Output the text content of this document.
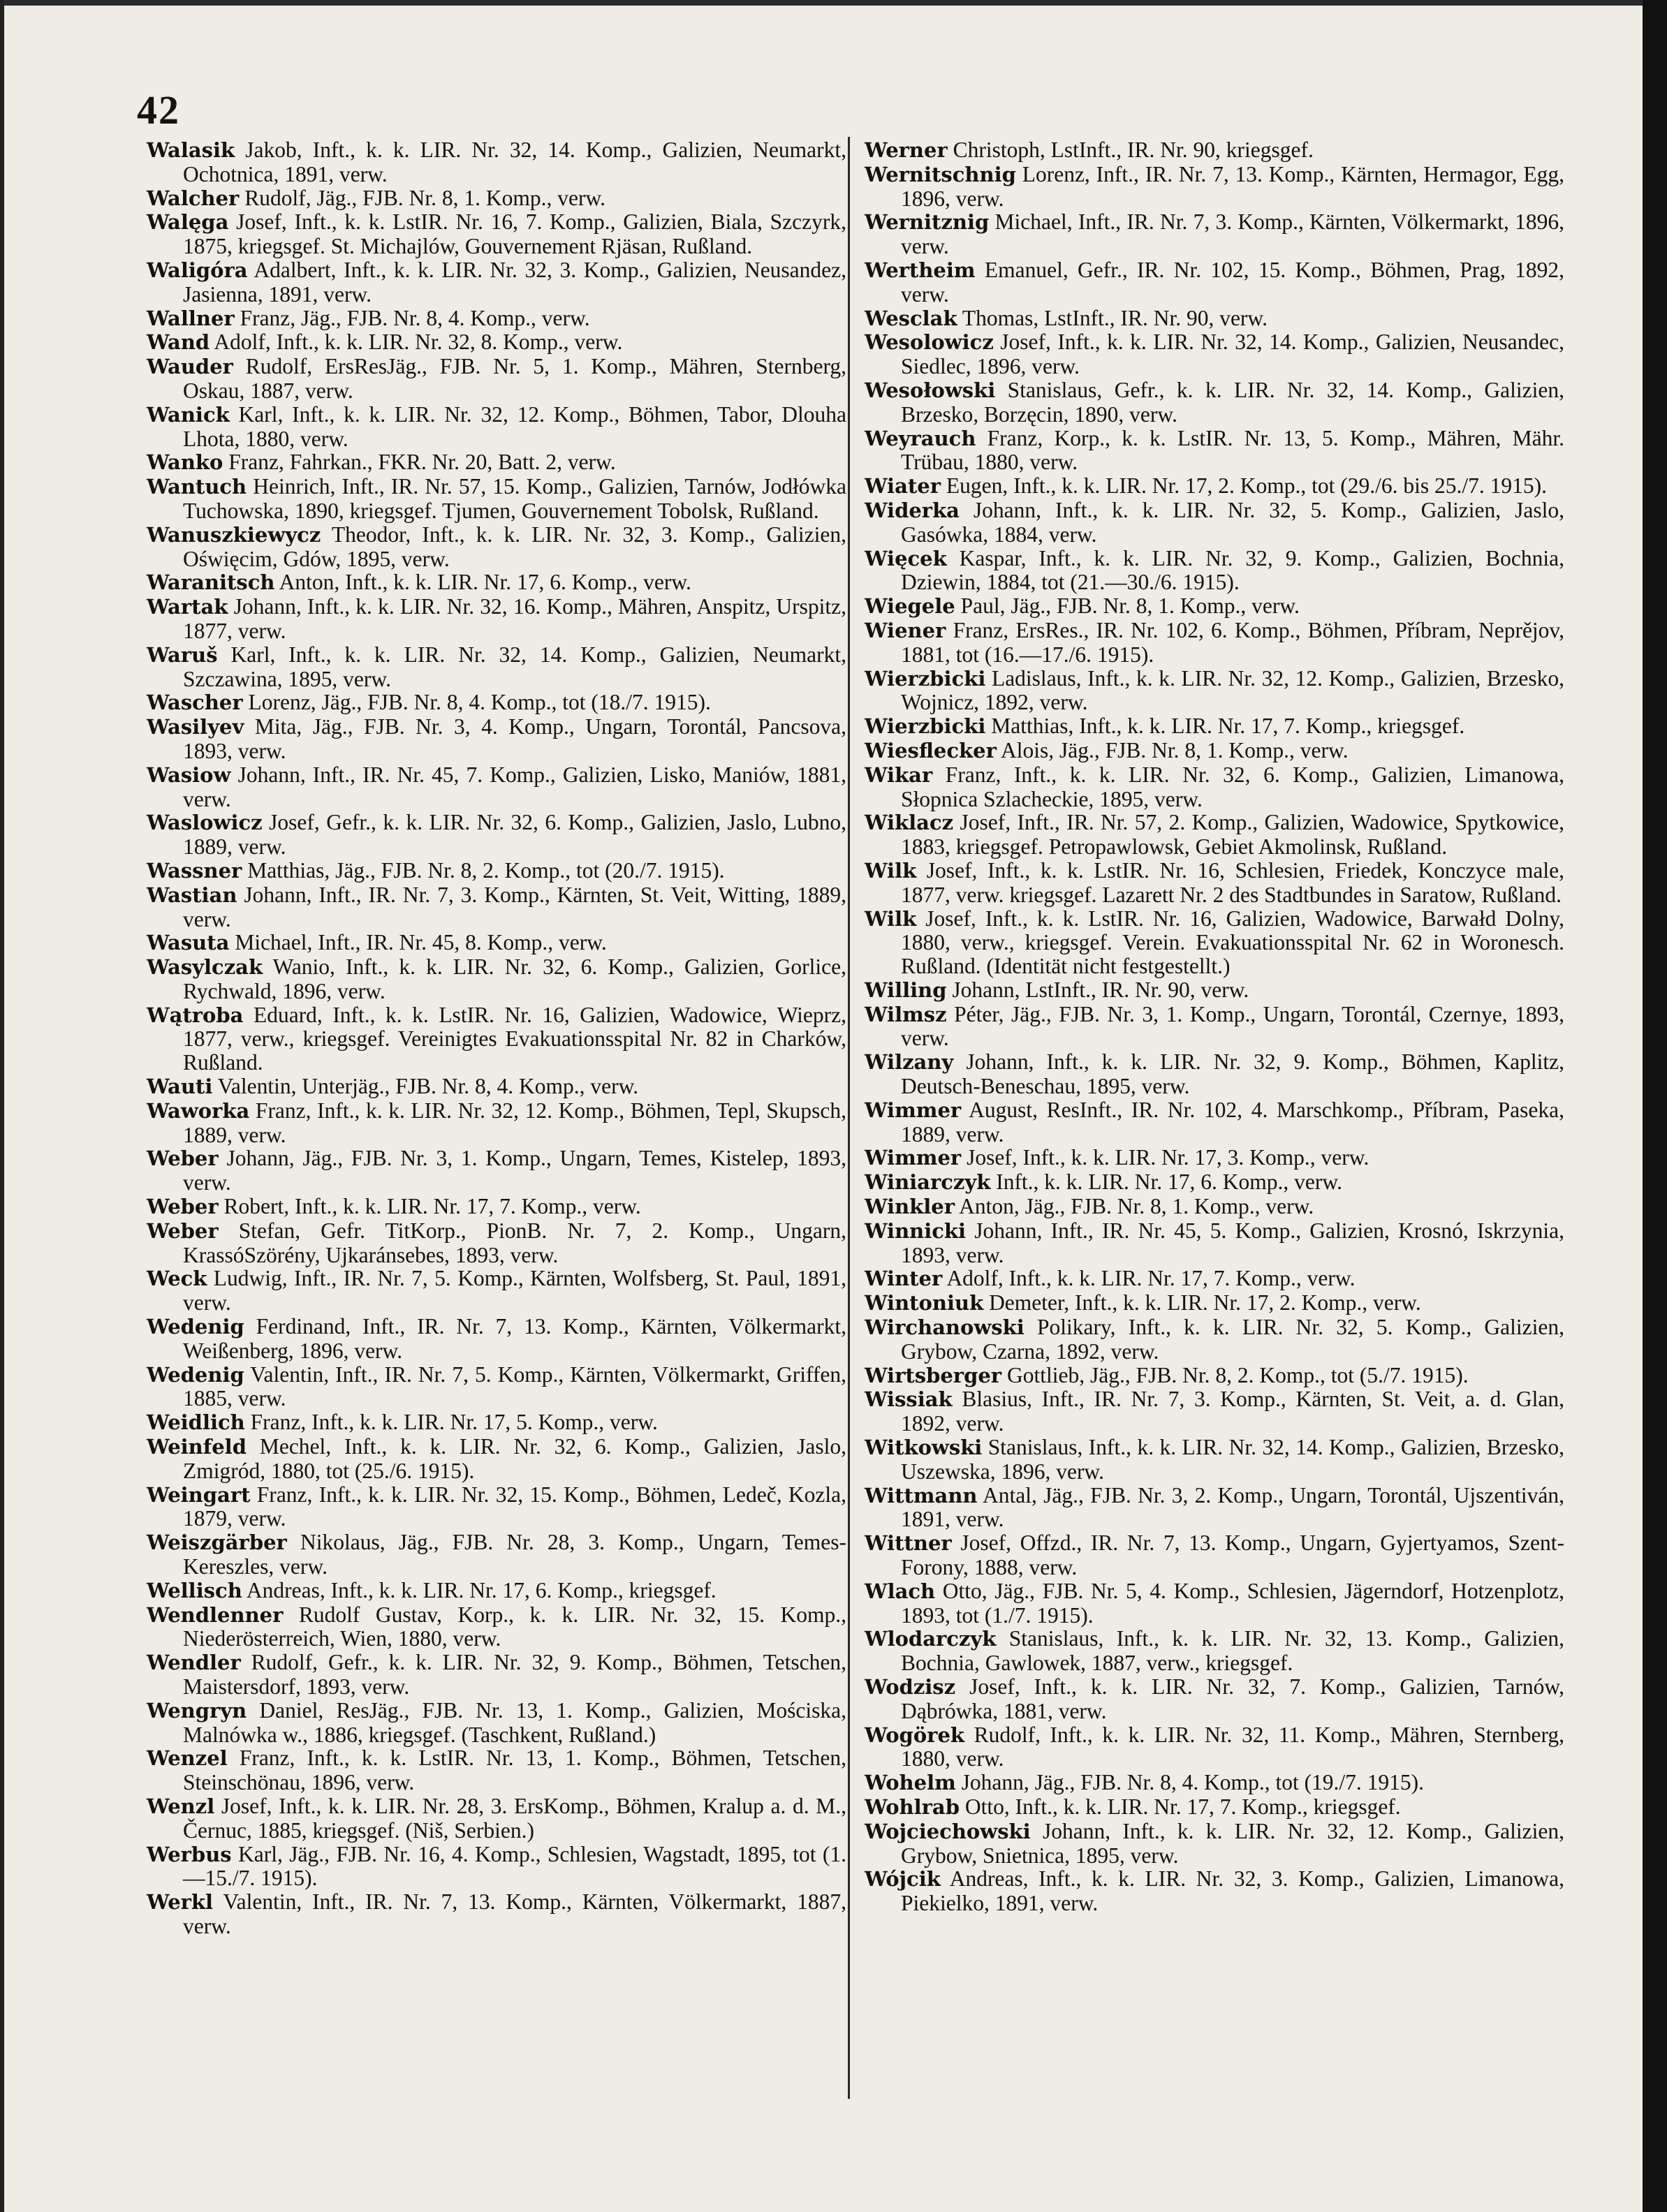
42

Walasik Jakob, Inft., k. k. LIR. Nr. 32, 14. Komp., Galizien, Neumarkt, Ochotnica, 1891, verw.

Walcher Rudolf, Jäg., FJB. Nr. 8, 1. Komp., verw.

Walęga Josef, Inft., k. k. LstIR. Nr. 16, 7. Komp., Galizien, Biala, Szczyrk, 1875, kriegsgef. St. Michajlów, Gouvernement Rjäsan, Rußland.

Waligóra Adalbert, Inft., k. k. LIR. Nr. 32, 3. Komp., Galizien, Neusandez, Jasienna, 1891, verw.

Wallner Franz, Jäg., FJB. Nr. 8, 4. Komp., verw.

Wand Adolf, Inft., k. k. LIR. Nr. 32, 8. Komp., verw.

Wauder Rudolf, ErsResJäg., FJB. Nr. 5, 1. Komp., Mähren, Sternberg, Oskau, 1887, verw.

Wanick Karl, Inft., k. k. LIR. Nr. 32, 12. Komp., Böhmen, Tabor, Dlouha Lhota, 1880, verw.

Wanko Franz, Fahrkan., FKR. Nr. 20, Batt. 2, verw.

Wantuch Heinrich, Inft., IR. Nr. 57, 15. Komp., Galizien, Tarnów, Jodłówka Tuchowska, 1890, kriegsgef. Tjumen, Gouvernement Tobolsk, Rußland.

Wanuszkiewycz Theodor, Inft., k. k. LIR. Nr. 32, 3. Komp., Galizien, Oświęcim, Gdów, 1895, verw.

Waranitsch Anton, Inft., k. k. LIR. Nr. 17, 6. Komp., verw.

Wartak Johann, Inft., k. k. LIR. Nr. 32, 16. Komp., Mähren, Anspitz, Urspitz, 1877, verw.

Waruš Karl, Inft., k. k. LIR. Nr. 32, 14. Komp., Galizien, Neumarkt, Szczawina, 1895, verw.

Wascher Lorenz, Jäg., FJB. Nr. 8, 4. Komp., tot (18./7. 1915).

Wasilyev Mita, Jäg., FJB. Nr. 3, 4. Komp., Ungarn, Torontál, Pancsova, 1893, verw.

Wasiow Johann, Inft., IR. Nr. 45, 7. Komp., Galizien, Lisko, Maniów, 1881, verw.

Waslowicz Josef, Gefr., k. k. LIR. Nr. 32, 6. Komp., Galizien, Jaslo, Lubno, 1889, verw.

Wassner Matthias, Jäg., FJB. Nr. 8, 2. Komp., tot (20./7. 1915).

Wastian Johann, Inft., IR. Nr. 7, 3. Komp., Kärnten, St. Veit, Witting, 1889, verw.

Wasuta Michael, Inft., IR. Nr. 45, 8. Komp., verw.

Wasylczak Wanio, Inft., k. k. LIR. Nr. 32, 6. Komp., Galizien, Gorlice, Rychwald, 1896, verw.

Wątroba Eduard, Inft., k. k. LstIR. Nr. 16, Galizien, Wadowice, Wieprz, 1877, verw., kriegsgef. Vereinigtes Evakuationsspital Nr. 82 in Charków, Rußland.

Wauti Valentin, Unterjäg., FJB. Nr. 8, 4. Komp., verw.

Waworka Franz, Inft., k. k. LIR. Nr. 32, 12. Komp., Böhmen, Tepl, Skupsch, 1889, verw.

Weber Johann, Jäg., FJB. Nr. 3, 1. Komp., Ungarn, Temes, Kistelep, 1893, verw.

Weber Robert, Inft., k. k. LIR. Nr. 17, 7. Komp., verw.

Weber Stefan, Gefr. TitKorp., PionB. Nr. 7, 2. Komp., Ungarn, KrassóSzörény, Ujkaránsebes, 1893, verw.

Weck Ludwig, Inft., IR. Nr. 7, 5. Komp., Kärnten, Wolfsberg, St. Paul, 1891, verw.

Wedenig Ferdinand, Inft., IR. Nr. 7, 13. Komp., Kärnten, Völkermarkt, Weißenberg, 1896, verw.

Wedenig Valentin, Inft., IR. Nr. 7, 5. Komp., Kärnten, Völkermarkt, Griffen, 1885, verw.

Weidlich Franz, Inft., k. k. LIR. Nr. 17, 5. Komp., verw.

Weinfeld Mechel, Inft., k. k. LIR. Nr. 32, 6. Komp., Galizien, Jaslo, Zmigród, 1880, tot (25./6. 1915).

Weingart Franz, Inft., k. k. LIR. Nr. 32, 15. Komp., Böhmen, Ledeč, Kozla, 1879, verw.

Weiszgärber Nikolaus, Jäg., FJB. Nr. 28, 3. Komp., Ungarn, Temes-Kereszles, verw.

Wellisch Andreas, Inft., k. k. LIR. Nr. 17, 6. Komp., kriegsgef.

Wendlenner Rudolf Gustav, Korp., k. k. LIR. Nr. 32, 15. Komp., Niederösterreich, Wien, 1880, verw.

Wendler Rudolf, Gefr., k. k. LIR. Nr. 32, 9. Komp., Böhmen, Tetschen, Maistersdorf, 1893, verw.

Wengryn Daniel, ResJäg., FJB. Nr. 13, 1. Komp., Galizien, Mościska, Malnówka w., 1886, kriegsgef. (Taschkent, Rußland.)

Wenzel Franz, Inft., k. k. LstIR. Nr. 13, 1. Komp., Böhmen, Tetschen, Steinschönau, 1896, verw.

Wenzl Josef, Inft., k. k. LIR. Nr. 28, 3. ErsKomp., Böhmen, Kralup a. d. M., Černuc, 1885, kriegsgef. (Niš, Serbien.)

Werbus Karl, Jäg., FJB. Nr. 16, 4. Komp., Schlesien, Wagstadt, 1895, tot (1.—15./7. 1915).

Werkl Valentin, Inft., IR. Nr. 7, 13. Komp., Kärnten, Völkermarkt, 1887, verw.

Werner Christoph, LstInft., IR. Nr. 90, kriegsgef.

Wernitschnig Lorenz, Inft., IR. Nr. 7, 13. Komp., Kärnten, Hermagor, Egg, 1896, verw.

Wernitznig Michael, Inft., IR. Nr. 7, 3. Komp., Kärnten, Völkermarkt, 1896, verw.

Wertheim Emanuel, Gefr., IR. Nr. 102, 15. Komp., Böhmen, Prag, 1892, verw.

Wesclak Thomas, LstInft., IR. Nr. 90, verw.

Wesolowicz Josef, Inft., k. k. LIR. Nr. 32, 14. Komp., Galizien, Neusandec, Siedlec, 1896, verw.

Wesołowski Stanislaus, Gefr., k. k. LIR. Nr. 32, 14. Komp., Galizien, Brzesko, Borzęcin, 1890, verw.

Weyrauch Franz, Korp., k. k. LstIR. Nr. 13, 5. Komp., Mähren, Mähr. Trübau, 1880, verw.

Wiater Eugen, Inft., k. k. LIR. Nr. 17, 2. Komp., tot (29./6. bis 25./7. 1915).

Widerka Johann, Inft., k. k. LIR. Nr. 32, 5. Komp., Galizien, Jaslo, Gasówka, 1884, verw.

Więcek Kaspar, Inft., k. k. LIR. Nr. 32, 9. Komp., Galizien, Bochnia, Dziewin, 1884, tot (21.—30./6. 1915).

Wiegele Paul, Jäg., FJB. Nr. 8, 1. Komp., verw.

Wiener Franz, ErsRes., IR. Nr. 102, 6. Komp., Böhmen, Příbram, Neprějov, 1881, tot (16.—17./6. 1915).

Wierzbicki Ladislaus, Inft., k. k. LIR. Nr. 32, 12. Komp., Galizien, Brzesko, Wojnicz, 1892, verw.

Wierzbicki Matthias, Inft., k. k. LIR. Nr. 17, 7. Komp., kriegsgef.

Wiesflecker Alois, Jäg., FJB. Nr. 8, 1. Komp., verw.

Wikar Franz, Inft., k. k. LIR. Nr. 32, 6. Komp., Galizien, Limanowa, Słopnica Szlacheckie, 1895, verw.

Wiklacz Josef, Inft., IR. Nr. 57, 2. Komp., Galizien, Wadowice, Spytkowice, 1883, kriegsgef. Petropawlowsk, Gebiet Akmolinsk, Rußland.

Wilk Josef, Inft., k. k. LstIR. Nr. 16, Schlesien, Friedek, Konczyce male, 1877, verw. kriegsgef. Lazarett Nr. 2 des Stadtbundes in Saratow, Rußland.

Wilk Josef, Inft., k. k. LstIR. Nr. 16, Galizien, Wadowice, Barwałd Dolny, 1880, verw., kriegsgef. Verein. Evakuationsspital Nr. 62 in Woronesch. Rußland. (Identität nicht festgestellt.)

Willing Johann, LstInft., IR. Nr. 90, verw.

Wilmsz Péter, Jäg., FJB. Nr. 3, 1. Komp., Ungarn, Torontál, Czernye, 1893, verw.

Wilzany Johann, Inft., k. k. LIR. Nr. 32, 9. Komp., Böhmen, Kaplitz, Deutsch-Beneschau, 1895, verw.

Wimmer August, ResInft., IR. Nr. 102, 4. Marschkomp., Příbram, Paseka, 1889, verw.

Wimmer Josef, Inft., k. k. LIR. Nr. 17, 3. Komp., verw.

Winiarczyk Inft., k. k. LIR. Nr. 17, 6. Komp., verw.

Winkler Anton, Jäg., FJB. Nr. 8, 1. Komp., verw.

Winnicki Johann, Inft., IR. Nr. 45, 5. Komp., Galizien, Krosnó, Iskrzynia, 1893, verw.

Winter Adolf, Inft., k. k. LIR. Nr. 17, 7. Komp., verw.

Wintoniuk Demeter, Inft., k. k. LIR. Nr. 17, 2. Komp., verw.

Wirchanowski Polikary, Inft., k. k. LIR. Nr. 32, 5. Komp., Galizien, Grybow, Czarna, 1892, verw.

Wirtsberger Gottlieb, Jäg., FJB. Nr. 8, 2. Komp., tot (5./7. 1915).

Wissiak Blasius, Inft., IR. Nr. 7, 3. Komp., Kärnten, St. Veit, a. d. Glan, 1892, verw.

Witkowski Stanislaus, Inft., k. k. LIR. Nr. 32, 14. Komp., Galizien, Brzesko, Uszewska, 1896, verw.

Wittmann Antal, Jäg., FJB. Nr. 3, 2. Komp., Ungarn, Torontál, Ujszentiván, 1891, verw.

Wittner Josef, Offzd., IR. Nr. 7, 13. Komp., Ungarn, Gyjertyamos, Szent-Forony, 1888, verw.

Wlach Otto, Jäg., FJB. Nr. 5, 4. Komp., Schlesien, Jägerndorf, Hotzenplotz, 1893, tot (1./7. 1915).

Wlodarczyk Stanislaus, Inft., k. k. LIR. Nr. 32, 13. Komp., Galizien, Bochnia, Gawlowek, 1887, verw., kriegsgef.

Wodzisz Josef, Inft., k. k. LIR. Nr. 32, 7. Komp., Galizien, Tarnów, Dąbrówka, 1881, verw.

Wogörek Rudolf, Inft., k. k. LIR. Nr. 32, 11. Komp., Mähren, Sternberg, 1880, verw.

Wohelm Johann, Jäg., FJB. Nr. 8, 4. Komp., tot (19./7. 1915).

Wohlrab Otto, Inft., k. k. LIR. Nr. 17, 7. Komp., kriegsgef.

Wojciechowski Johann, Inft., k. k. LIR. Nr. 32, 12. Komp., Galizien, Grybow, Snietnica, 1895, verw.

Wójcik Andreas, Inft., k. k. LIR. Nr. 32, 3. Komp., Galizien, Limanowa, Piekielko, 1891, verw.
